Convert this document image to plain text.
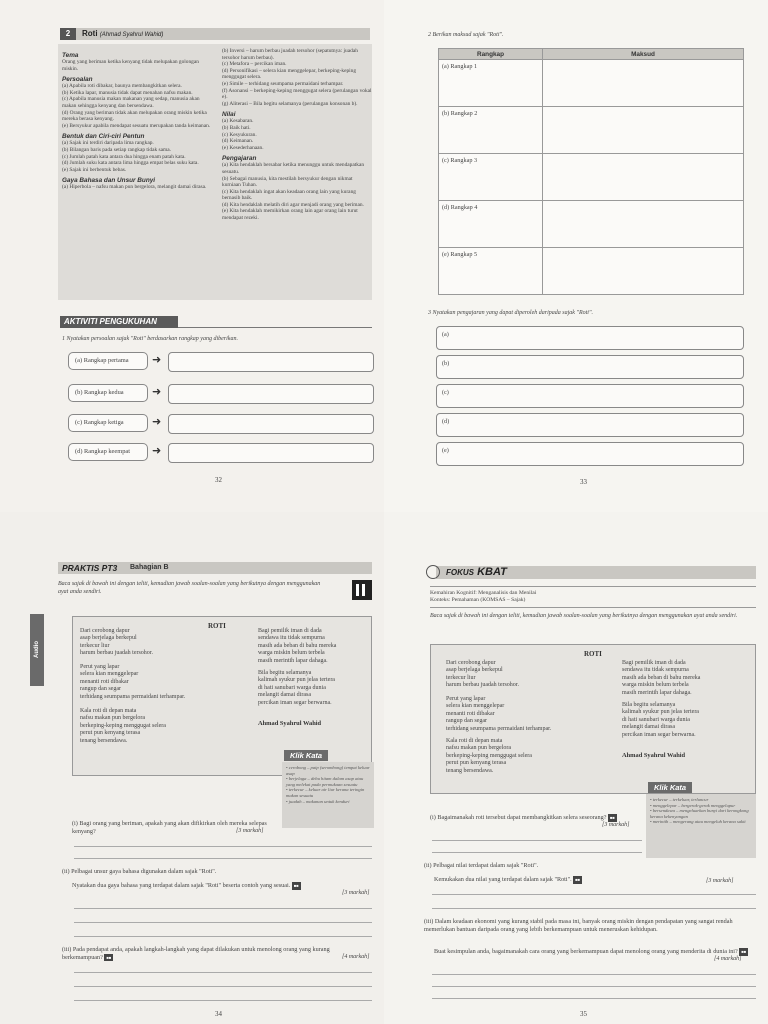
2	Roti (Ahmad Syahrul Wahid)
Tema

Orang yang beriman ketika kenyang tidak melupakan golongan miskin.

Persoalan

(a) Apabila roti dibakar, baunya membangkitkan selera.

(b) Ketika lapar, manusia tidak dapat menahan nafsu makan.

(c) Apabila manusia makan makanan yang sedap, manusia akan makan sehingga kenyang dan bersendawa.

(d) Orang yang beriman tidak akan melupakan orang miskin ketika mereka berasa kenyang.

(e) Bersyukur apabila mendapat sesuatu merupakan tanda keimanan.

Bentuk dan Ciri-ciri Pentun

(a) Sajak ini terdiri daripada lima rangkap.

(b) Bilangan baris pada setiap rangkap tidak sama.

(c) Jumlah patah kata antara dua hingga enam patah kata.

(d) Jumlah suku kata antara lima hingga empat belas suku kata.

(e) Sajak ini berbentuk bebas.

Gaya Bahasa dan Unsur Bunyi

(a) Hiperbola – nafsu makan pun bergelora, melangit damai dirasa.

(b) Inversi – harum berbau juadah tersohor (sepatutnya: juadah tersohor harum berbau).

(c) Metafora – percikan iman.

(d) Personifikasi – selera kian menggelepar, berkeping-keping menggugat selera.

(e) Simile – terhidang seumpama permaidani terhampar.

(f) Asonansi – berkeping-keping menggugat selera (perulangan vokal e).

(g) Aliterasi – Bila begitu selamanya (perulangan konsonan b).

Nilai

(a) Kesabaran.

(b) Baik hati.

(c) Kesyukuran.

(d) Keimanan.

(e) Kesederhanaan.

Pengajaran

(a) Kita hendaklah bersabar ketika menunggu untuk mendapatkan sesuatu.

(b) Sebagai manusia, kita mestilah bersyukur dengan nikmat kurniaan Tuhan.

(c) Kita hendaklah ingat akan keadaan orang lain yang kurang bernasib baik.

(d) Kita hendaklah melatih diri agar menjadi orang yang beriman.

(e) Kita hendaklah memikirkan orang lain agar orang lain turut mendapat rezeki.

AKTIVITI PENGUKUHAN
1 Nyatakan persoalan sajak "Roti" berdasarkan rangkap yang diberikan.
(a) Rangkap pertama	➜
(b) Rangkap kedua	➜
(c) Rangkap ketiga	➜
(d) Rangkap keempat	➜
32
2 Berikan maksud sajak "Roti".
Rangkap	Maksud
(a) Rangkap 1	
(b) Rangkap 2	
(c) Rangkap 3	
(d) Rangkap 4	
(e) Rangkap 5	
3 Nyatakan pengajaran yang dapat diperoleh daripada sajak "Roti".
(a)
(b)
(c)
(d)
(e)
33
PRAKTIS PT3 Bahagian B
Baca sajak di bawah ini dengan teliti, kemudian jawab soalan-soalan yang berikutnya dengan menggunakan ayat anda sendiri.
Audio
ROTI
Dari cerobong dapur
asap berjelaga berkepul
terkecur liur
harum berbau juadah tersohor.
Perut yang lapar
selera kian menggelepar
menanti roti dibakar
rangup dan segar
terhidang seumpama permaidani terhampar.
Kala roti di depan mata
nafsu makan pun bergelora
berkeping-keping menggugat selera
perut pun kenyang terasa
tenang bersendawa.
Bagi pemilik iman di dada
sendawa itu tidak sempurna
masih ada beban di bahu mereka
warga miskin belum terbela
masih merintih lapar dahaga.
Bila begitu selamanya
kalimah syukur pun jelas tertera
di hati sanubari warga dunia
melangit damai dirasa
percikan iman segar berwarna.
Ahmad Syahrul Wahid
Klik Kata
• cerobong – paip (serombong) tempat keluar asap
• berjelaga – debu hitam dalam asap atau yang melekat pada permukaan sesuatu
• terkecur – keluar air liur kerana teringin makan sesuatu
• juadah – makanan untuk kenduri
(i) Bagi orang yang beriman, apakah yang akan difikirkan oleh mereka selepas kenyang?	[3 markah]
(ii) Pelbagai unsur gaya bahasa digunakan dalam sajak "Roti".
Nyatakan dua gaya bahasa yang terdapat dalam sajak "Roti" beserta contoh yang sesuai. ■■
[3 markah]
(iii) Pada pendapat anda, apakah langkah-langkah yang dapat dilakukan untuk menolong orang yang kurang berkemampuan? ■■	[4 markah]
34
FOKUS KBAT
Kemahiran Kognitif: Menganalisis dan Menilai
Konteks: Pemahaman (KOMSAS – Sajak)
Baca sajak di bawah ini dengan teliti, kemudian jawab soalan-soalan yang berikutnya dengan menggunakan ayat anda sendiri.
ROTI
Dari cerobong dapur
asap berjelaga berkepul
terkecur liur
harum berbau juadah tersohor.
Perut yang lapar
selera kian menggelepar
menanti roti dibakar
rangup dan segar
terhidang seumpama permaidani terhampar.
Kala roti di depan mata
nafsu makan pun bergelora
berkeping-keping menggugat selera
perut pun kenyang terasa
tenang bersendawa.
Bagi pemilik iman di dada
sendawa itu tidak sempurna
masih ada beban di bahu mereka
warga miskin belum terbela
masih merintih lapar dahaga.
Bila begitu selamanya
kalimah syukur pun jelas tertera
di hati sanubari warga dunia
melangit damai dirasa
percikan iman segar berwarna.
Ahmad Syahrul Wahid
Klik Kata
• terkecur – terkeluar, terluncur
• menggelepar – bergerak-gerak menggelupur
• bersendawa – mengeluarkan bunyi dari kerongkong kerana kekenyangan
• merintih – mengerang atau mengeluh kerana sakit
(i) Bagaimanakah roti tersebut dapat membangkitkan selera seseorang? ■■
[3 markah]
(ii) Pelbagai nilai terdapat dalam sajak "Roti".
Kemukakan dua nilai yang terdapat dalam sajak "Roti". ■■	[3 markah]
(iii) Dalam keadaan ekonomi yang kurang stabil pada masa ini, banyak orang miskin dengan pendapatan yang sangat rendah memerlukan bantuan daripada orang yang lebih berkemampuan untuk meneruskan kehidupan.
Buat kesimpulan anda, bagaimanakah cara orang yang berkemampuan dapat menolong orang yang menderita di dunia ini? ■■
[4 markah]
35
